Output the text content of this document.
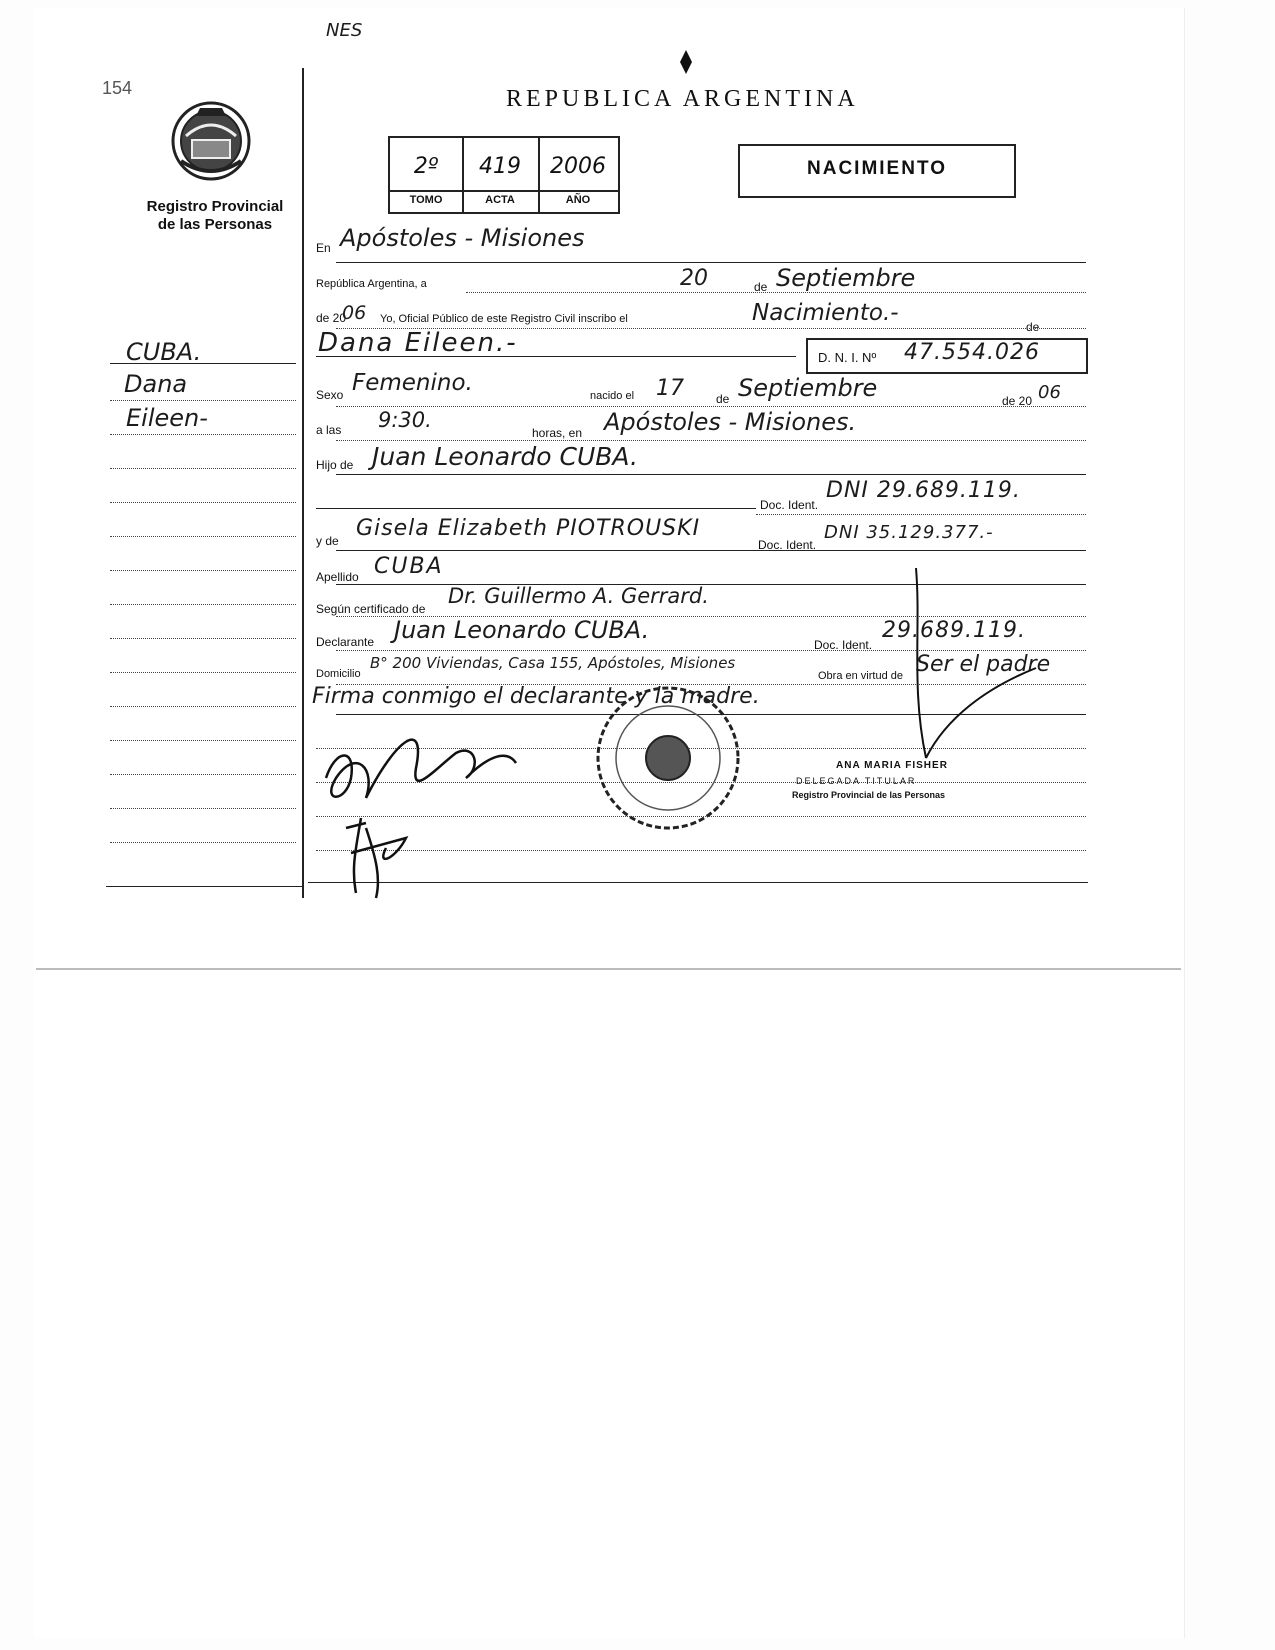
NES
154
Registro Provincial
de las Personas
CUBA.
Dana
Eileen-
REPUBLICA ARGENTINA
2º	419	2006
TOMO	ACTA	AÑO
NACIMIENTO
En Apóstoles - Misiones
República Argentina, a	20	de Septiembre
de 20
06 Yo, Oficial Público de este Registro Civil inscribo el	Nacimiento.-
de
Dana Eileen.-	D. N. I. Nº 47.554.026
Sexo Femenino.	nacido el 17	de Septiembre	de 20 06
a las 9:30.
horas, en Apóstoles - Misiones.
Hijo de Juan Leonardo CUBA.
Doc. Ident.
DNI 29.689.119.
y de Gisela Elizabeth PIOTROUSKI
Doc. Ident.
DNI 35.129.377.-
Apellido CUBA
Según certificado de
Dr. Guillermo A. Gerrard.
Declarante Juan Leonardo CUBA.
Doc. Ident.
29.689.119.
Domicilio
B° 200 Viviendas, Casa 155, Apóstoles, Misiones
Obra en virtud de Ser el padre
Firma conmigo el declarante y la madre.
ANA MARIA FISHER
DELEGADA TITULAR
Registro Provincial de las Personas
